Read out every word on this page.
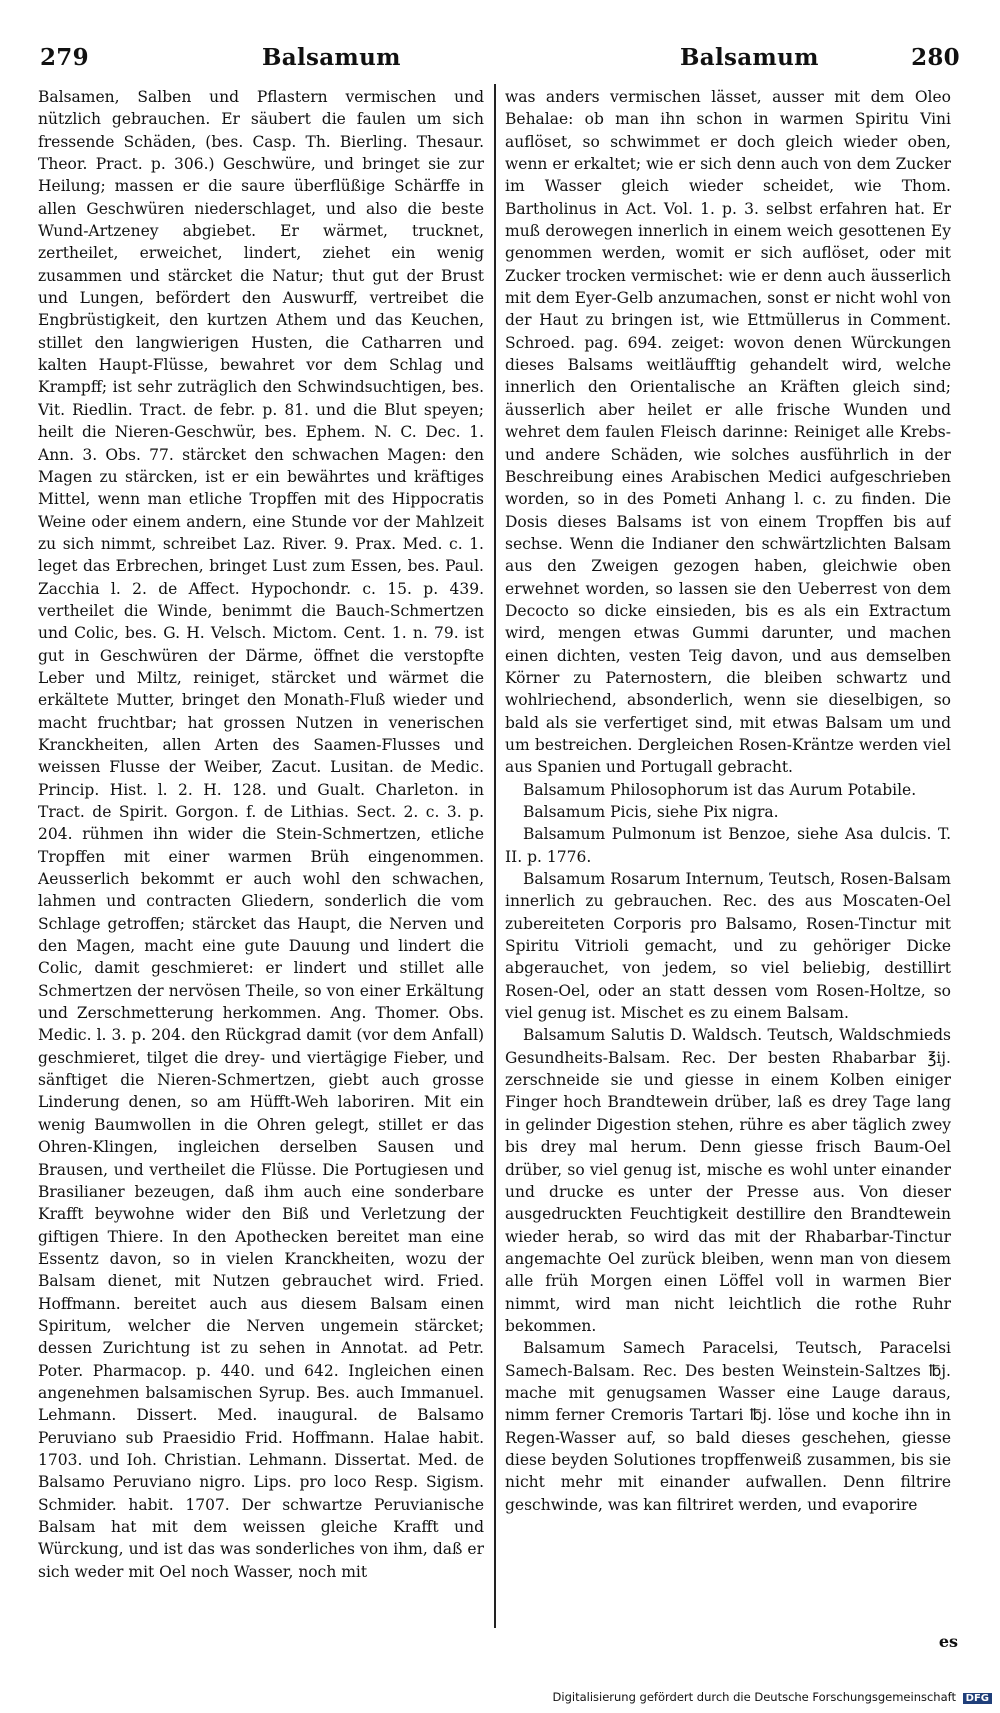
279	Balsamum	Balsamum	280

Balsamen, Salben und Pflastern vermischen und nützlich gebrauchen. Er säubert die faulen um sich fressende Schäden, (bes. Casp. Th. Bierling. Thesaur. Theor. Pract. p. 306.) Geschwüre, und bringet sie zur Heilung; massen er die saure überflüßige Schärffe in allen Geschwüren niederschlaget, und also die beste Wund-Artzeney abgiebet. Er wärmet, trucknet, zertheilet, erweichet, lindert, ziehet ein wenig zusammen und stärcket die Natur; thut gut der Brust und Lungen, befördert den Auswurff, vertreibet die Engbrüstigkeit, den kurtzen Athem und das Keuchen, stillet den langwierigen Husten, die Catharren und kalten Haupt-Flüsse, bewahret vor dem Schlag und Krampff; ist sehr zuträglich den Schwindsuchtigen, bes. Vit. Riedlin. Tract. de febr. p. 81. und die Blut speyen; heilt die Nieren-Geschwür, bes. Ephem. N. C. Dec. 1. Ann. 3. Obs. 77. stärcket den schwachen Magen: den Magen zu stärcken, ist er ein bewährtes und kräftiges Mittel, wenn man etliche Tropffen mit des Hippocratis Weine oder einem andern, eine Stunde vor der Mahlzeit zu sich nimmt, schreibet Laz. River. 9. Prax. Med. c. 1. leget das Erbrechen, bringet Lust zum Essen, bes. Paul. Zacchia l. 2. de Affect. Hypochondr. c. 15. p. 439. vertheilet die Winde, benimmt die Bauch-Schmertzen und Colic, bes. G. H. Velsch. Mictom. Cent. 1. n. 79. ist gut in Geschwüren der Därme, öffnet die verstopfte Leber und Miltz, reiniget, stärcket und wärmet die erkältete Mutter, bringet den Monath-Fluß wieder und macht fruchtbar; hat grossen Nutzen in venerischen Kranckheiten, allen Arten des Saamen-Flusses und weissen Flusse der Weiber, Zacut. Lusitan. de Medic. Princip. Hist. l. 2. H. 128. und Gualt. Charleton. in Tract. de Spirit. Gorgon. f. de Lithias. Sect. 2. c. 3. p. 204. rühmen ihn wider die Stein-Schmertzen, etliche Tropffen mit einer warmen Brüh eingenommen. Aeusserlich bekommt er auch wohl den schwachen, lahmen und contracten Gliedern, sonderlich die vom Schlage getroffen; stärcket das Haupt, die Nerven und den Magen, macht eine gute Dauung und lindert die Colic, damit geschmieret: er lindert und stillet alle Schmertzen der nervösen Theile, so von einer Erkältung und Zerschmetterung herkommen. Ang. Thomer. Obs. Medic. l. 3. p. 204. den Rückgrad damit (vor dem Anfall) geschmieret, tilget die drey- und viertägige Fieber, und sänftiget die Nieren-Schmertzen, giebt auch grosse Linderung denen, so am Hüfft-Weh laboriren. Mit ein wenig Baumwollen in die Ohren gelegt, stillet er das Ohren-Klingen, ingleichen derselben Sausen und Brausen, und vertheilet die Flüsse. Die Portugiesen und Brasilianer bezeugen, daß ihm auch eine sonderbare Krafft beywohne wider den Biß und Verletzung der giftigen Thiere. In den Apothecken bereitet man eine Essentz davon, so in vielen Kranckheiten, wozu der Balsam dienet, mit Nutzen gebrauchet wird. Fried. Hoffmann. bereitet auch aus diesem Balsam einen Spiritum, welcher die Nerven ungemein stärcket; dessen Zurichtung ist zu sehen in Annotat. ad Petr. Poter. Pharmacop. p. 440. und 642. Ingleichen einen angenehmen balsamischen Syrup. Bes. auch Immanuel. Lehmann. Dissert. Med. inaugural. de Balsamo Peruviano sub Praesidio Frid. Hoffmann. Halae habit. 1703. und Ioh. Christian. Lehmann. Dissertat. Med. de Balsamo Peruviano nigro. Lips. pro loco Resp. Sigism. Schmider. habit. 1707. Der schwartze Peruvianische Balsam hat mit dem weissen gleiche Krafft und Würckung, und ist das was sonderliches von ihm, daß er sich weder mit Oel noch Wasser, noch mit

was anders vermischen lässet, ausser mit dem Oleo Behalae: ob man ihn schon in warmen Spiritu Vini auflöset, so schwimmet er doch gleich wieder oben, wenn er erkaltet; wie er sich denn auch von dem Zucker im Wasser gleich wieder scheidet, wie Thom. Bartholinus in Act. Vol. 1. p. 3. selbst erfahren hat. Er muß derowegen innerlich in einem weich gesottenen Ey genommen werden, womit er sich auflöset, oder mit Zucker trocken vermischet: wie er denn auch äusserlich mit dem Eyer-Gelb anzumachen, sonst er nicht wohl von der Haut zu bringen ist, wie Ettmüllerus in Comment. Schroed. pag. 694. zeiget: wovon denen Würckungen dieses Balsams weitläufftig gehandelt wird, welche innerlich den Orientalische an Kräften gleich sind; äusserlich aber heilet er alle frische Wunden und wehret dem faulen Fleisch darinne: Reiniget alle Krebs- und andere Schäden, wie solches ausführlich in der Beschreibung eines Arabischen Medici aufgeschrieben worden, so in des Pometi Anhang l. c. zu finden. Die Dosis dieses Balsams ist von einem Tropffen bis auf sechse. Wenn die Indianer den schwärtzlichten Balsam aus den Zweigen gezogen haben, gleichwie oben erwehnet worden, so lassen sie den Ueberrest von dem Decocto so dicke einsieden, bis es als ein Extractum wird, mengen etwas Gummi darunter, und machen einen dichten, vesten Teig davon, und aus demselben Körner zu Paternostern, die bleiben schwartz und wohlriechend, absonderlich, wenn sie dieselbigen, so bald als sie verfertiget sind, mit etwas Balsam um und um bestreichen. Dergleichen Rosen-Kräntze werden viel aus Spanien und Portugall gebracht.

Balsamum Philosophorum ist das Aurum Potabile.

Balsamum Picis, siehe Pix nigra.

Balsamum Pulmonum ist Benzoe, siehe Asa dulcis. T. II. p. 1776.

Balsamum Rosarum Internum, Teutsch, Rosen-Balsam innerlich zu gebrauchen. Rec. des aus Moscaten-Oel zubereiteten Corporis pro Balsamo, Rosen-Tinctur mit Spiritu Vitrioli gemacht, und zu gehöriger Dicke abgerauchet, von jedem, so viel beliebig, destillirt Rosen-Oel, oder an statt dessen vom Rosen-Holtze, so viel genug ist. Mischet es zu einem Balsam.

Balsamum Salutis D. Waldsch. Teutsch, Waldschmieds Gesundheits-Balsam. Rec. Der besten Rhabarbar ℥ij. zerschneide sie und giesse in einem Kolben einiger Finger hoch Brandtewein drüber, laß es drey Tage lang in gelinder Digestion stehen, rühre es aber täglich zwey bis drey mal herum. Denn giesse frisch Baum-Oel drüber, so viel genug ist, mische es wohl unter einander und drucke es unter der Presse aus. Von dieser ausgedruckten Feuchtigkeit destillire den Brandtewein wieder herab, so wird das mit der Rhabarbar-Tinctur angemachte Oel zurück bleiben, wenn man von diesem alle früh Morgen einen Löffel voll in warmen Bier nimmt, wird man nicht leichtlich die rothe Ruhr bekommen.

Balsamum Samech Paracelsi, Teutsch, Paracelsi Samech-Balsam. Rec. Des besten Weinstein-Saltzes ℔j. mache mit genugsamen Wasser eine Lauge daraus, nimm ferner Cremoris Tartari ℔j. löse und koche ihn in Regen-Wasser auf, so bald dieses geschehen, giesse diese beyden Solutiones tropffenweiß zusammen, bis sie nicht mehr mit einander aufwallen. Denn filtrire geschwinde, was kan filtriret werden, und evaporire

es
Digitalisierung gefördert durch die Deutsche Forschungsgemeinschaft DFG
